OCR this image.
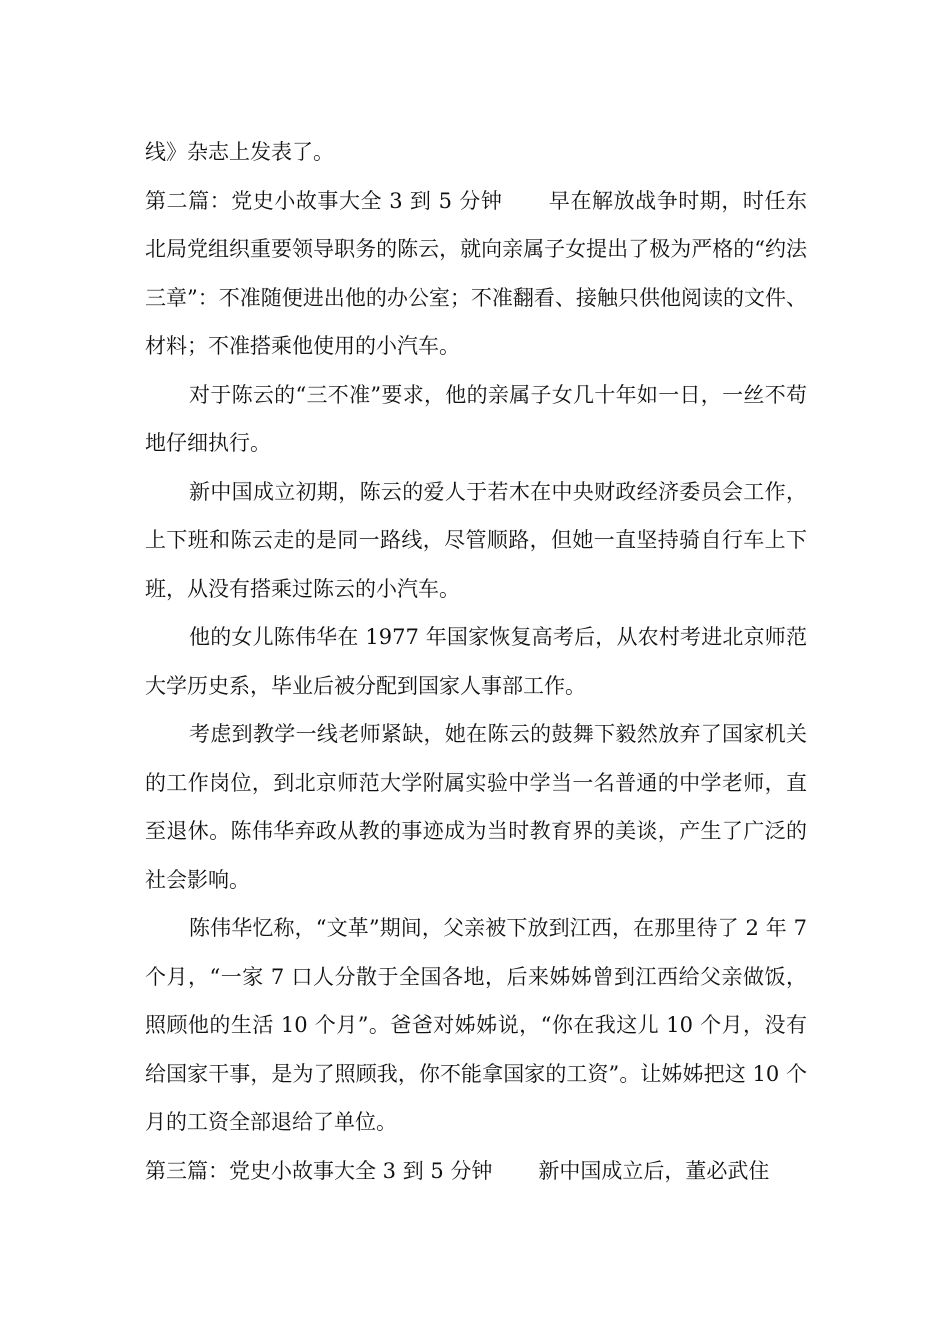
线》杂志上发表了。

第二篇：党史小故事大全 3 到 5 分钟 早在解放战争时期，时任东北局党组织重要领导职务的陈云，就向亲属子女提出了极为严格的“约法三章”：不准随便进出他的办公室；不准翻看、接触只供他阅读的文件、材料；不准搭乘他使用的小汽车。

对于陈云的“三不准”要求，他的亲属子女几十年如一日，一丝不苟地仔细执行。

新中国成立初期，陈云的爱人于若木在中央财政经济委员会工作，上下班和陈云走的是同一路线，尽管顺路，但她一直坚持骑自行车上下班，从没有搭乘过陈云的小汽车。

他的女儿陈伟华在 1977 年国家恢复高考后，从农村考进北京师范大学历史系，毕业后被分配到国家人事部工作。

考虑到教学一线老师紧缺，她在陈云的鼓舞下毅然放弃了国家机关的工作岗位，到北京师范大学附属实验中学当一名普通的中学老师，直至退休。陈伟华弃政从教的事迹成为当时教育界的美谈，产生了广泛的社会影响。

陈伟华忆称，“文革”期间，父亲被下放到江西，在那里待了 2 年 7 个月，“一家 7 口人分散于全国各地，后来姊姊曾到江西给父亲做饭，照顾他的生活 10 个月”。爸爸对姊姊说，“你在我这儿 10 个月，没有给国家干事，是为了照顾我，你不能拿国家的工资”。让姊姊把这 10 个月的工资全部退给了单位。

第三篇：党史小故事大全 3 到 5 分钟 新中国成立后，董必武住
